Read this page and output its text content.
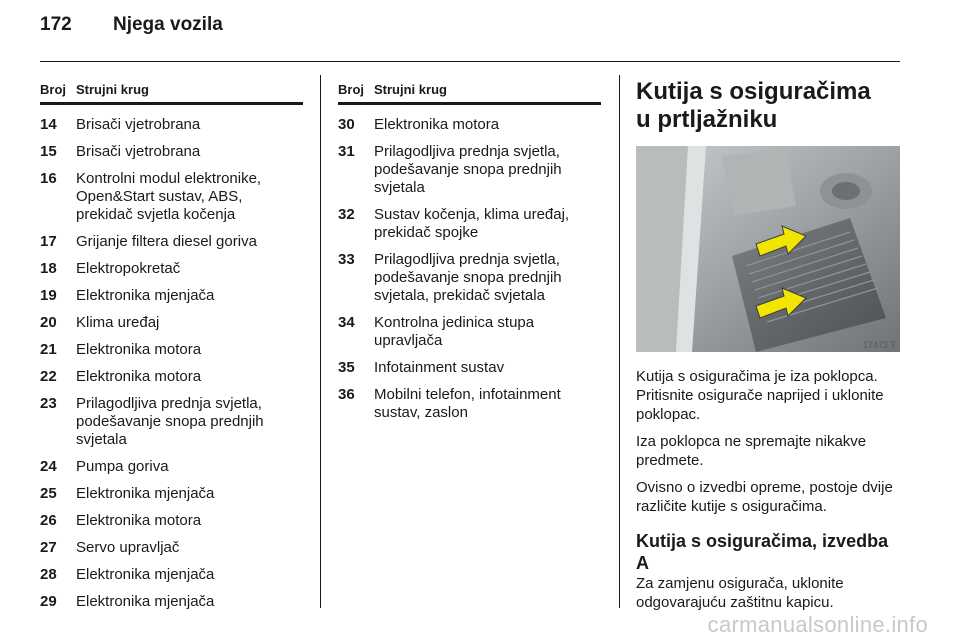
172 Njega vozila
Broj Strujni krug
14	Brisači vjetrobrana
15	Brisači vjetrobrana
16	Kontrolni modul elektronike, Open&Start sustav, ABS, prekidač svjetla kočenja
17	Grijanje filtera diesel goriva
18	Elektropokretač
19	Elektronika mjenjača
20	Klima uređaj
21	Elektronika motora
22	Elektronika motora
23	Prilagodljiva prednja svjetla, podešavanje snopa prednjih svjetala
24	Pumpa goriva
25	Elektronika mjenjača
26	Elektronika motora
27	Servo upravljač
28	Elektronika mjenjača
29	Elektronika mjenjača
Broj Strujni krug
30	Elektronika motora
31	Prilagodljiva prednja svjetla, podešavanje snopa prednjih svjetala
32	Sustav kočenja, klima uređaj, prekidač spojke
33	Prilagodljiva prednja svjetla, podešavanje snopa prednjih svjetala, prekidač svjetala
34	Kontrolna jedinica stupa upravljača
35	Infotainment sustav
36	Mobilni telefon, infotainment sustav, zaslon
Kutija s osiguračima
u prtljažniku
17472 T

Kutija s osiguračima je iza poklopca. Pritisnite osigurače naprijed i uklonite poklopac.

Iza poklopca ne spremajte nikakve predmete.

Ovisno o izvedbi opreme, postoje dvije različite kutije s osiguračima.

Kutija s osiguračima, izvedba A

Za zamjenu osigurača, uklonite odgovarajuću zaštitnu kapicu.

carmanualsonline.info
